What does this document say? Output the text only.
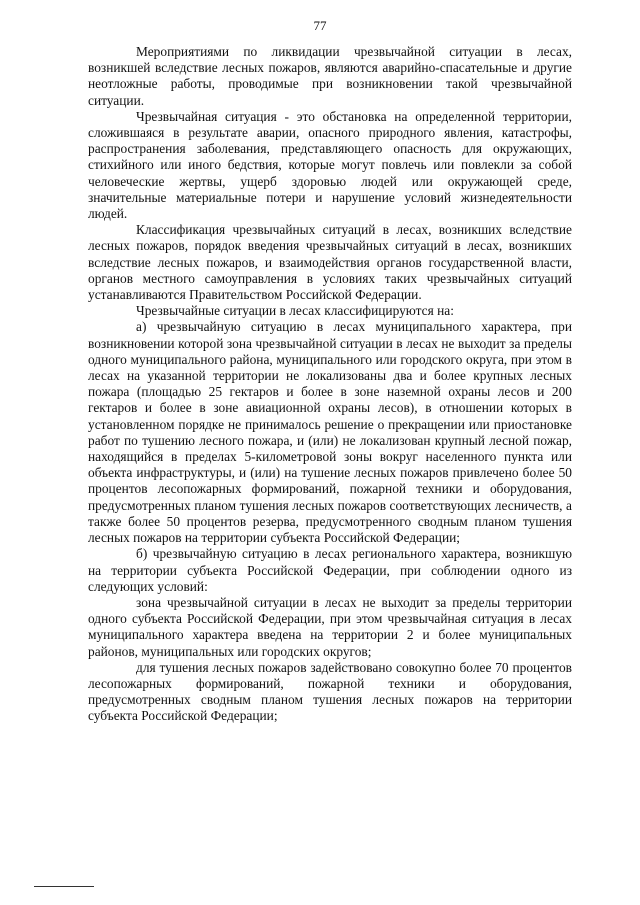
77

Мероприятиями по ликвидации чрезвычайной ситуации в лесах, возникшей вследствие лесных пожаров, являются аварийно-спасательные и другие неотложные работы, проводимые при возникновении такой чрезвычайной ситуации.

Чрезвычайная ситуация - это обстановка на определенной территории, сложившаяся в результате аварии, опасного природного явления, катастрофы, распространения заболевания, представляющего опасность для окружающих, стихийного или иного бедствия, которые могут повлечь или повлекли за собой человеческие жертвы, ущерб здоровью людей или окружающей среде, значительные материальные потери и нарушение условий жизнедеятельности людей.

Классификация чрезвычайных ситуаций в лесах, возникших вследствие лесных пожаров, порядок введения чрезвычайных ситуаций в лесах, возникших вследствие лесных пожаров, и взаимодействия органов государственной власти, органов местного самоуправления в условиях таких чрезвычайных ситуаций устанавливаются Правительством Российской Федерации.

Чрезвычайные ситуации в лесах классифицируются на:

а) чрезвычайную ситуацию в лесах муниципального характера, при возникновении которой зона чрезвычайной ситуации в лесах не выходит за пределы одного муниципального района, муниципального или городского округа, при этом в лесах на указанной территории не локализованы два и более крупных лесных пожара (площадью 25 гектаров и более в зоне наземной охраны лесов и 200 гектаров и более в зоне авиационной охраны лесов), в отношении которых в установленном порядке не принималось решение о прекращении или приостановке работ по тушению лесного пожара, и (или) не локализован крупный лесной пожар, находящийся в пределах 5-километровой зоны вокруг населенного пункта или объекта инфраструктуры, и (или) на тушение лесных пожаров привлечено более 50 процентов лесопожарных формирований, пожарной техники и оборудования, предусмотренных планом тушения лесных пожаров соответствующих лесничеств, а также более 50 процентов резерва, предусмотренного сводным планом тушения лесных пожаров на территории субъекта Российской Федерации;

б) чрезвычайную ситуацию в лесах регионального характера, возникшую на территории субъекта Российской Федерации, при соблюдении одного из следующих условий:

зона чрезвычайной ситуации в лесах не выходит за пределы территории одного субъекта Российской Федерации, при этом чрезвычайная ситуация в лесах муниципального характера введена на территории 2 и более муниципальных районов, муниципальных или городских округов;

для тушения лесных пожаров задействовано совокупно более 70 процентов лесопожарных формирований, пожарной техники и оборудования, предусмотренных сводным планом тушения лесных пожаров на территории субъекта Российской Федерации;
